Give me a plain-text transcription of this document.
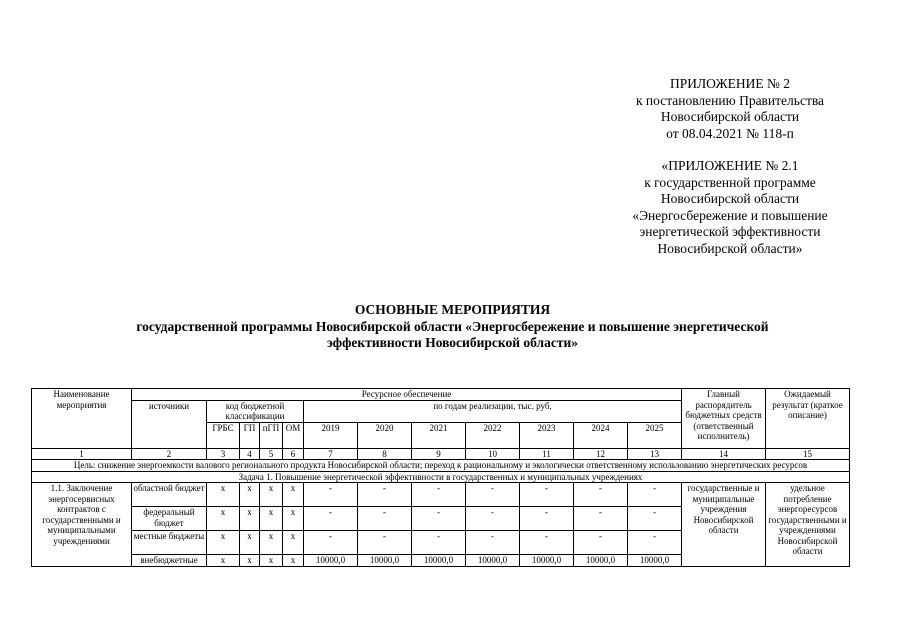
ПРИЛОЖЕНИЕ № 2
к постановлению Правительства
Новосибирской области
от 08.04.2021 № 118-п
«ПРИЛОЖЕНИЕ № 2.1
к государственной программе
Новосибирской области
«Энергосбережение и повышение
энергетической эффективности
Новосибирской области»
ОСНОВНЫЕ МЕРОПРИЯТИЯ
государственной программы Новосибирской области «Энергосбережение и повышение энергетической
эффективности Новосибирской области»
Наименование мероприятия	Ресурсное обеспечение												Главный распорядитель бюджетных средств (ответственный исполнитель)	Ожидаемый результат (краткое описание)
	источники	код бюджетной классификации				по годам реализации, тыс. руб.								
		ГРБС	ГП	пГП	ОМ	2019	2020	2021	2022	2023	2024	2025		
1	2	3	4	5	6	7	8	9	10	11	12	13	14	15
Цель: снижение энергоемкости валового регионального продукта Новосибирской области; переход к рациональному и экологически ответственному использованию энергетических ресурсов														
Задача 1. Повышение энергетической эффективности в государственных и муниципальных учреждениях														
1.1. Заключение энергосервисных контрактов с государственными и муниципальными учреждениями	областной бюджет	х	х	х	х	-	-	-	-	-	-	-	государственные и муниципальные учреждения Новосибирской области	удельное потребление энергоресурсов государственными и учреждениями Новосибирской области
	федеральный бюджет	х	х	х	х	-	-	-	-	-	-	-		
	местные бюджеты	х	х	х	х	-	-	-	-	-	-	-		
	внебюджетные	х	х	х	х	10000,0	10000,0	10000,0	10000,0	10000,0	10000,0	10000,0		
